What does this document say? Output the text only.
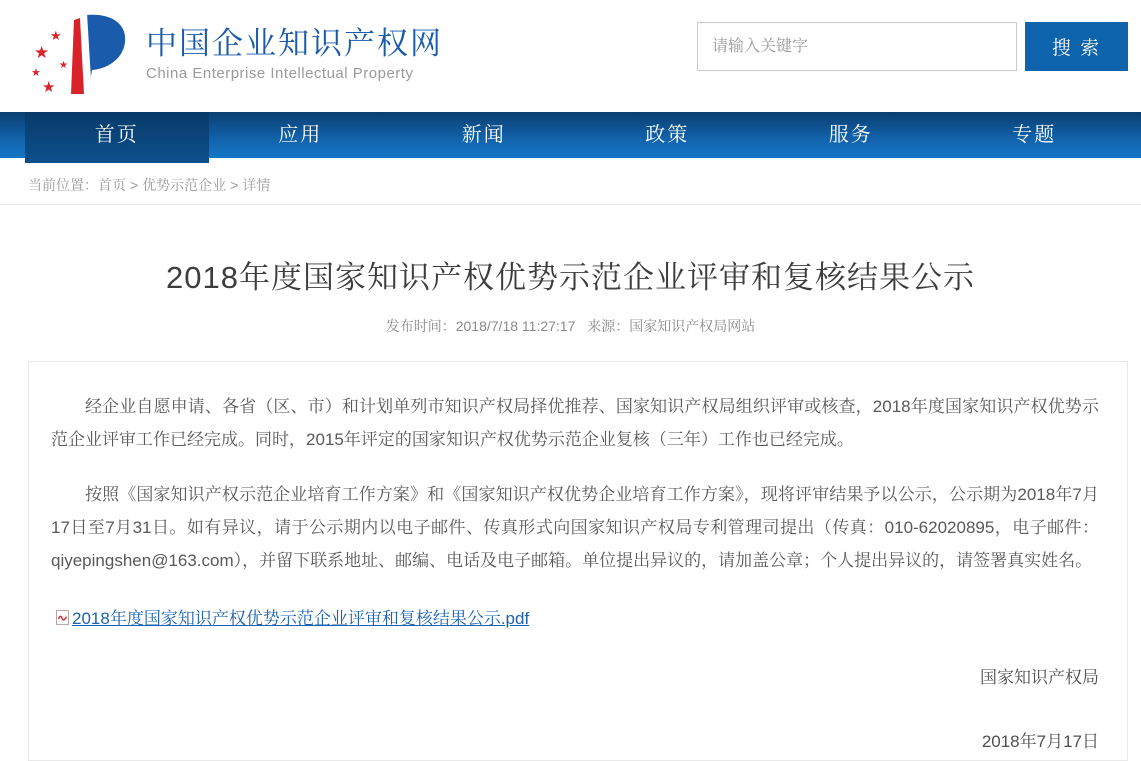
★
★
★
★
★
中国企业知识产权网
China Enterprise Intellectual Property
请输入关键字
搜 索
首页	应用	新闻	政策	服务	专题
当前位置：首页 > 优势示范企业 > 详情
2018年度国家知识产权优势示范企业评审和复核结果公示
发布时间：2018/7/18 11:27:17 来源：国家知识产权局网站

经企业自愿申请、各省（区、市）和计划单列市知识产权局择优推荐、国家知识产权局组织评审或核查，2018年度国家知识产权优势示范企业评审工作已经完成。同时，2015年评定的国家知识产权优势示范企业复核（三年）工作也已经完成。

按照《国家知识产权示范企业培育工作方案》和《国家知识产权优势企业培育工作方案》，现将评审结果予以公示，公示期为2018年7月17日至7月31日。如有异议，请于公示期内以电子邮件、传真形式向国家知识产权局专利管理司提出（传真：010-62020895，电子邮件：qiyepingshen@163.com），并留下联系地址、邮编、电话及电子邮箱。单位提出异议的，请加盖公章；个人提出异议的，请签署真实姓名。

2018年度国家知识产权优势示范企业评审和复核结果公示.pdf
国家知识产权局
2018年7月17日
